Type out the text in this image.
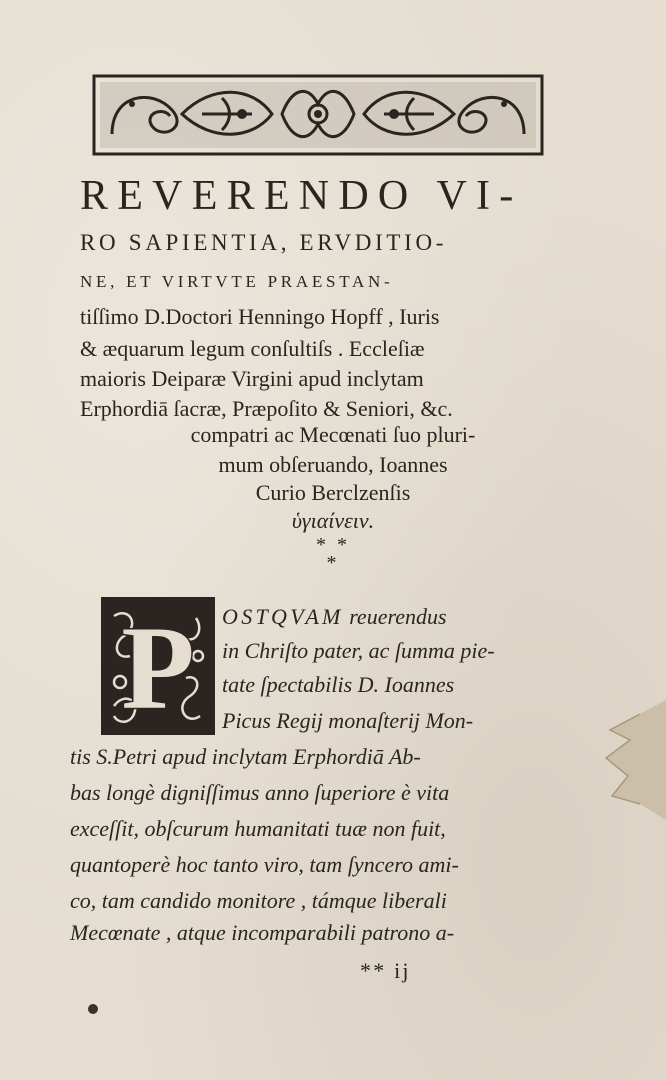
REVERENDO VI-
RO SAPIENTIA, ERVDITIO-
NE, ET VIRTVTE PRAESTAN-
tiſſimo D.Doctori Henningo Hopff , Iuris
& æquarum legum conſultiſs . Eccleſiæ
maioris Deiparæ Virgini apud inclytam
Erphordiā ſacræ, Præpoſito & Seniori, &c.
compatri ac Mecœnati ſuo pluri-
mum obſeruando, Ioannes
Curio Berclzenſis
ὑγιαίνειν.
* *
*
P OSTQVAM reuerendus
in Chriſto pater, ac ſumma pie-
tate ſpectabilis D. Ioannes
Picus Regij monaſterij Mon-
tis S.Petri apud inclytam Erphordiā Ab-
bas longè digniſſimus anno ſuperiore è vita
exceſſit, obſcurum humanitati tuæ non fuit,
quantoperè hoc tanto viro, tam ſyncero ami-
co, tam candido monitore , támque liberali
Mecœnate , atque incomparabili patrono a-
** ij
